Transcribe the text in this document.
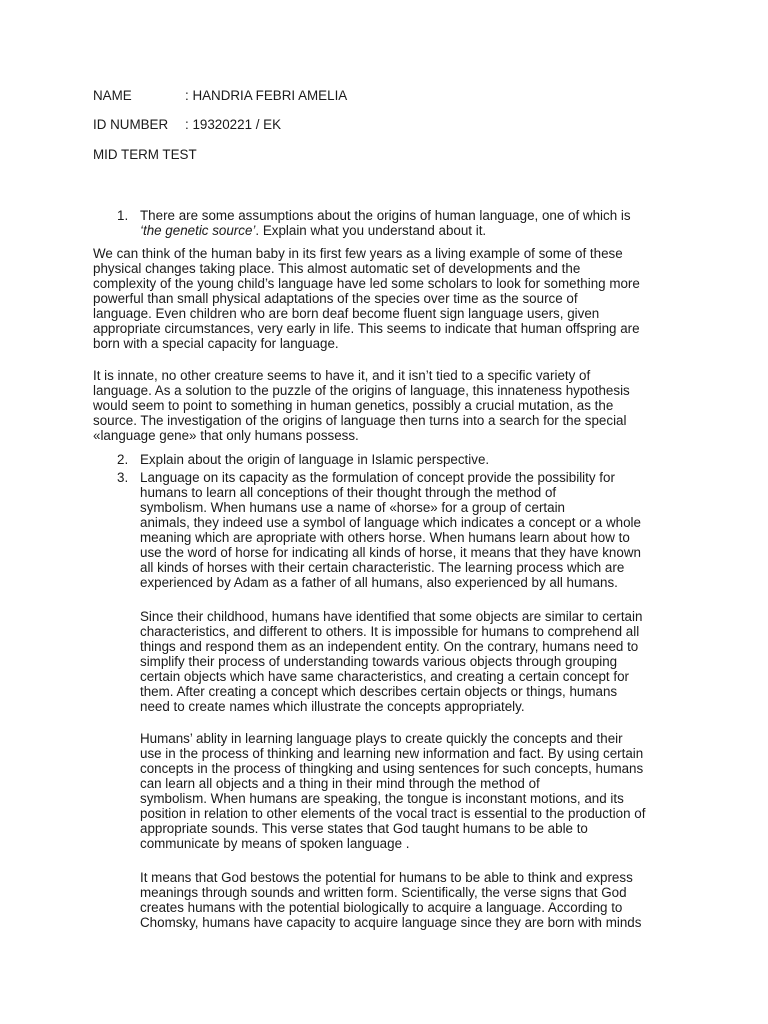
NAME	: HANDRIA FEBRI AMELIA
ID NUMBER : 19320221 / EK
MID TERM TEST
1. There are some assumptions about the origins of human language, one of which is
‘the genetic source’. Explain what you understand about it.
We can think of the human baby in its first few years as a living example of some of these
physical changes taking place. This almost automatic set of developments and the
complexity of the young child’s language have led some scholars to look for something more
powerful than small physical adaptations of the species over time as the source of
language. Even children who are born deaf become fluent sign language users, given
appropriate circumstances, very early in life. This seems to indicate that human offspring are
born with a special capacity for language.
It is innate, no other creature seems to have it, and it isn’t tied to a specific variety of
language. As a solution to the puzzle of the origins of language, this innateness hypothesis
would seem to point to something in human genetics, possibly a crucial mutation, as the
source. The investigation of the origins of language then turns into a search for the special
«language gene» that only humans possess.
2. Explain about the origin of language in Islamic perspective.
3. Language on its capacity as the formulation of concept provide the possibility for
humans to learn all conceptions of their thought through the method of
symbolism. When humans use a name of «horse» for a group of certain
animals, they indeed use a symbol of language which indicates a concept or a whole
meaning which are apropriate with others horse. When humans learn about how to
use the word of horse for indicating all kinds of horse, it means that they have known
all kinds of horses with their certain characteristic. The learning process which are
experienced by Adam as a father of all humans, also experienced by all humans.
Since their childhood, humans have identified that some objects are similar to certain
characteristics, and different to others. It is impossible for humans to comprehend all
things and respond them as an independent entity. On the contrary, humans need to
simplify their process of understanding towards various objects through grouping
certain objects which have same characteristics, and creating a certain concept for
them. After creating a concept which describes certain objects or things, humans
need to create names which illustrate the concepts appropriately.
Humans’ ablity in learning language plays to create quickly the concepts and their
use in the process of thinking and learning new information and fact. By using certain
concepts in the process of thingking and using sentences for such concepts, humans
can learn all objects and a thing in their mind through the method of
symbolism. When humans are speaking, the tongue is inconstant motions, and its
position in relation to other elements of the vocal tract is essential to the production of
appropriate sounds. This verse states that God taught humans to be able to
communicate by means of spoken language .
It means that God bestows the potential for humans to be able to think and express
meanings through sounds and written form. Scientifically, the verse signs that God
creates humans with the potential biologically to acquire a language. According to
Chomsky, humans have capacity to acquire language since they are born with minds
